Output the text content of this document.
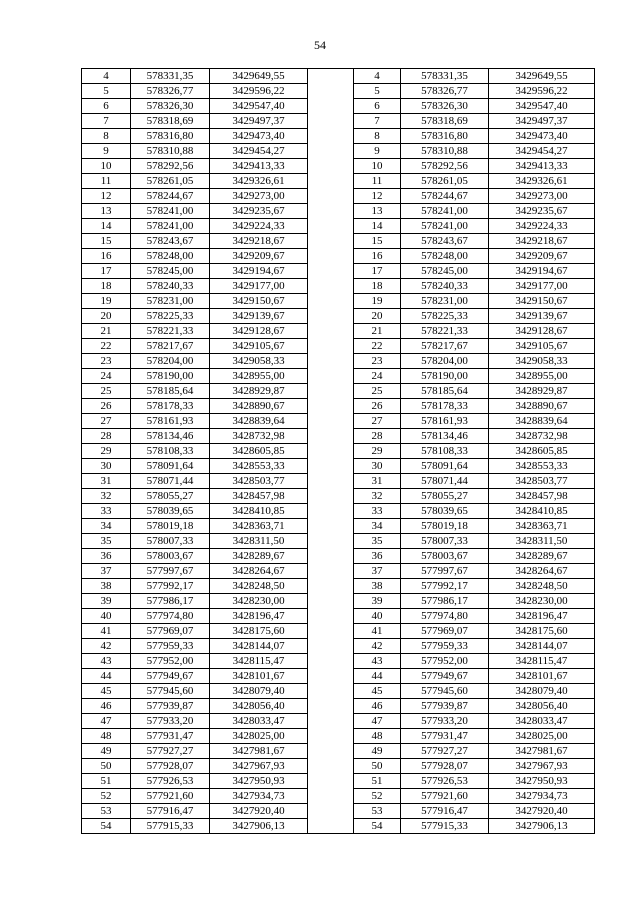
54
4	578331,35	3429649,55		4	578331,35	3429649,55
5	578326,77	3429596,22		5	578326,77	3429596,22
6	578326,30	3429547,40		6	578326,30	3429547,40
7	578318,69	3429497,37		7	578318,69	3429497,37
8	578316,80	3429473,40		8	578316,80	3429473,40
9	578310,88	3429454,27		9	578310,88	3429454,27
10	578292,56	3429413,33		10	578292,56	3429413,33
11	578261,05	3429326,61		11	578261,05	3429326,61
12	578244,67	3429273,00		12	578244,67	3429273,00
13	578241,00	3429235,67		13	578241,00	3429235,67
14	578241,00	3429224,33		14	578241,00	3429224,33
15	578243,67	3429218,67		15	578243,67	3429218,67
16	578248,00	3429209,67		16	578248,00	3429209,67
17	578245,00	3429194,67		17	578245,00	3429194,67
18	578240,33	3429177,00		18	578240,33	3429177,00
19	578231,00	3429150,67		19	578231,00	3429150,67
20	578225,33	3429139,67		20	578225,33	3429139,67
21	578221,33	3429128,67		21	578221,33	3429128,67
22	578217,67	3429105,67		22	578217,67	3429105,67
23	578204,00	3429058,33		23	578204,00	3429058,33
24	578190,00	3428955,00		24	578190,00	3428955,00
25	578185,64	3428929,87		25	578185,64	3428929,87
26	578178,33	3428890,67		26	578178,33	3428890,67
27	578161,93	3428839,64		27	578161,93	3428839,64
28	578134,46	3428732,98		28	578134,46	3428732,98
29	578108,33	3428605,85		29	578108,33	3428605,85
30	578091,64	3428553,33		30	578091,64	3428553,33
31	578071,44	3428503,77		31	578071,44	3428503,77
32	578055,27	3428457,98		32	578055,27	3428457,98
33	578039,65	3428410,85		33	578039,65	3428410,85
34	578019,18	3428363,71		34	578019,18	3428363,71
35	578007,33	3428311,50		35	578007,33	3428311,50
36	578003,67	3428289,67		36	578003,67	3428289,67
37	577997,67	3428264,67		37	577997,67	3428264,67
38	577992,17	3428248,50		38	577992,17	3428248,50
39	577986,17	3428230,00		39	577986,17	3428230,00
40	577974,80	3428196,47		40	577974,80	3428196,47
41	577969,07	3428175,60		41	577969,07	3428175,60
42	577959,33	3428144,07		42	577959,33	3428144,07
43	577952,00	3428115,47		43	577952,00	3428115,47
44	577949,67	3428101,67		44	577949,67	3428101,67
45	577945,60	3428079,40		45	577945,60	3428079,40
46	577939,87	3428056,40		46	577939,87	3428056,40
47	577933,20	3428033,47		47	577933,20	3428033,47
48	577931,47	3428025,00		48	577931,47	3428025,00
49	577927,27	3427981,67		49	577927,27	3427981,67
50	577928,07	3427967,93		50	577928,07	3427967,93
51	577926,53	3427950,93		51	577926,53	3427950,93
52	577921,60	3427934,73		52	577921,60	3427934,73
53	577916,47	3427920,40		53	577916,47	3427920,40
54	577915,33	3427906,13		54	577915,33	3427906,13
